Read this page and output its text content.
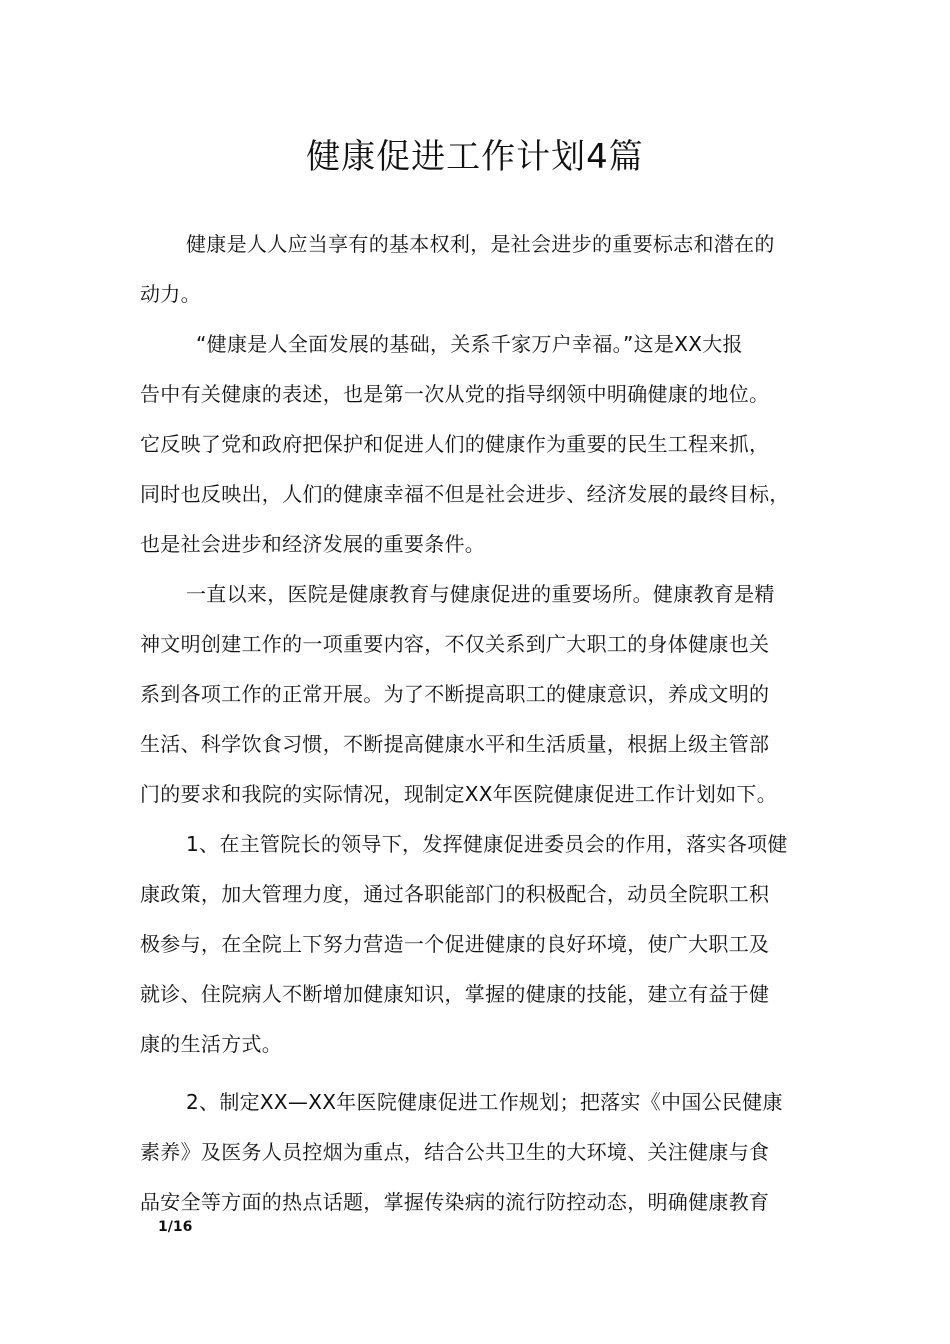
健康促进工作计划4篇
健康是人人应当享有的基本权利，是社会进步的重要标志和潜在的
动力。
“健康是人全面发展的基础，关系千家万户幸福。”这是XX大报
告中有关健康的表述，也是第一次从党的指导纲领中明确健康的地位。
它反映了党和政府把保护和促进人们的健康作为重要的民生工程来抓，
同时也反映出，人们的健康幸福不但是社会进步、经济发展的最终目标，
也是社会进步和经济发展的重要条件。
一直以来，医院是健康教育与健康促进的重要场所。健康教育是精
神文明创建工作的一项重要内容，不仅关系到广大职工的身体健康也关
系到各项工作的正常开展。为了不断提高职工的健康意识，养成文明的
生活、科学饮食习惯，不断提高健康水平和生活质量，根据上级主管部
门的要求和我院的实际情况，现制定XX年医院健康促进工作计划如下。
1、在主管院长的领导下，发挥健康促进委员会的作用，落实各项健
康政策，加大管理力度，通过各职能部门的积极配合，动员全院职工积
极参与，在全院上下努力营造一个促进健康的良好环境，使广大职工及
就诊、住院病人不断增加健康知识，掌握的健康的技能，建立有益于健
康的生活方式。
2、制定XX—XX年医院健康促进工作规划；把落实《中国公民健康
素养》及医务人员控烟为重点，结合公共卫生的大环境、关注健康与食
品安全等方面的热点话题，掌握传染病的流行防控动态，明确健康教育
1/16
